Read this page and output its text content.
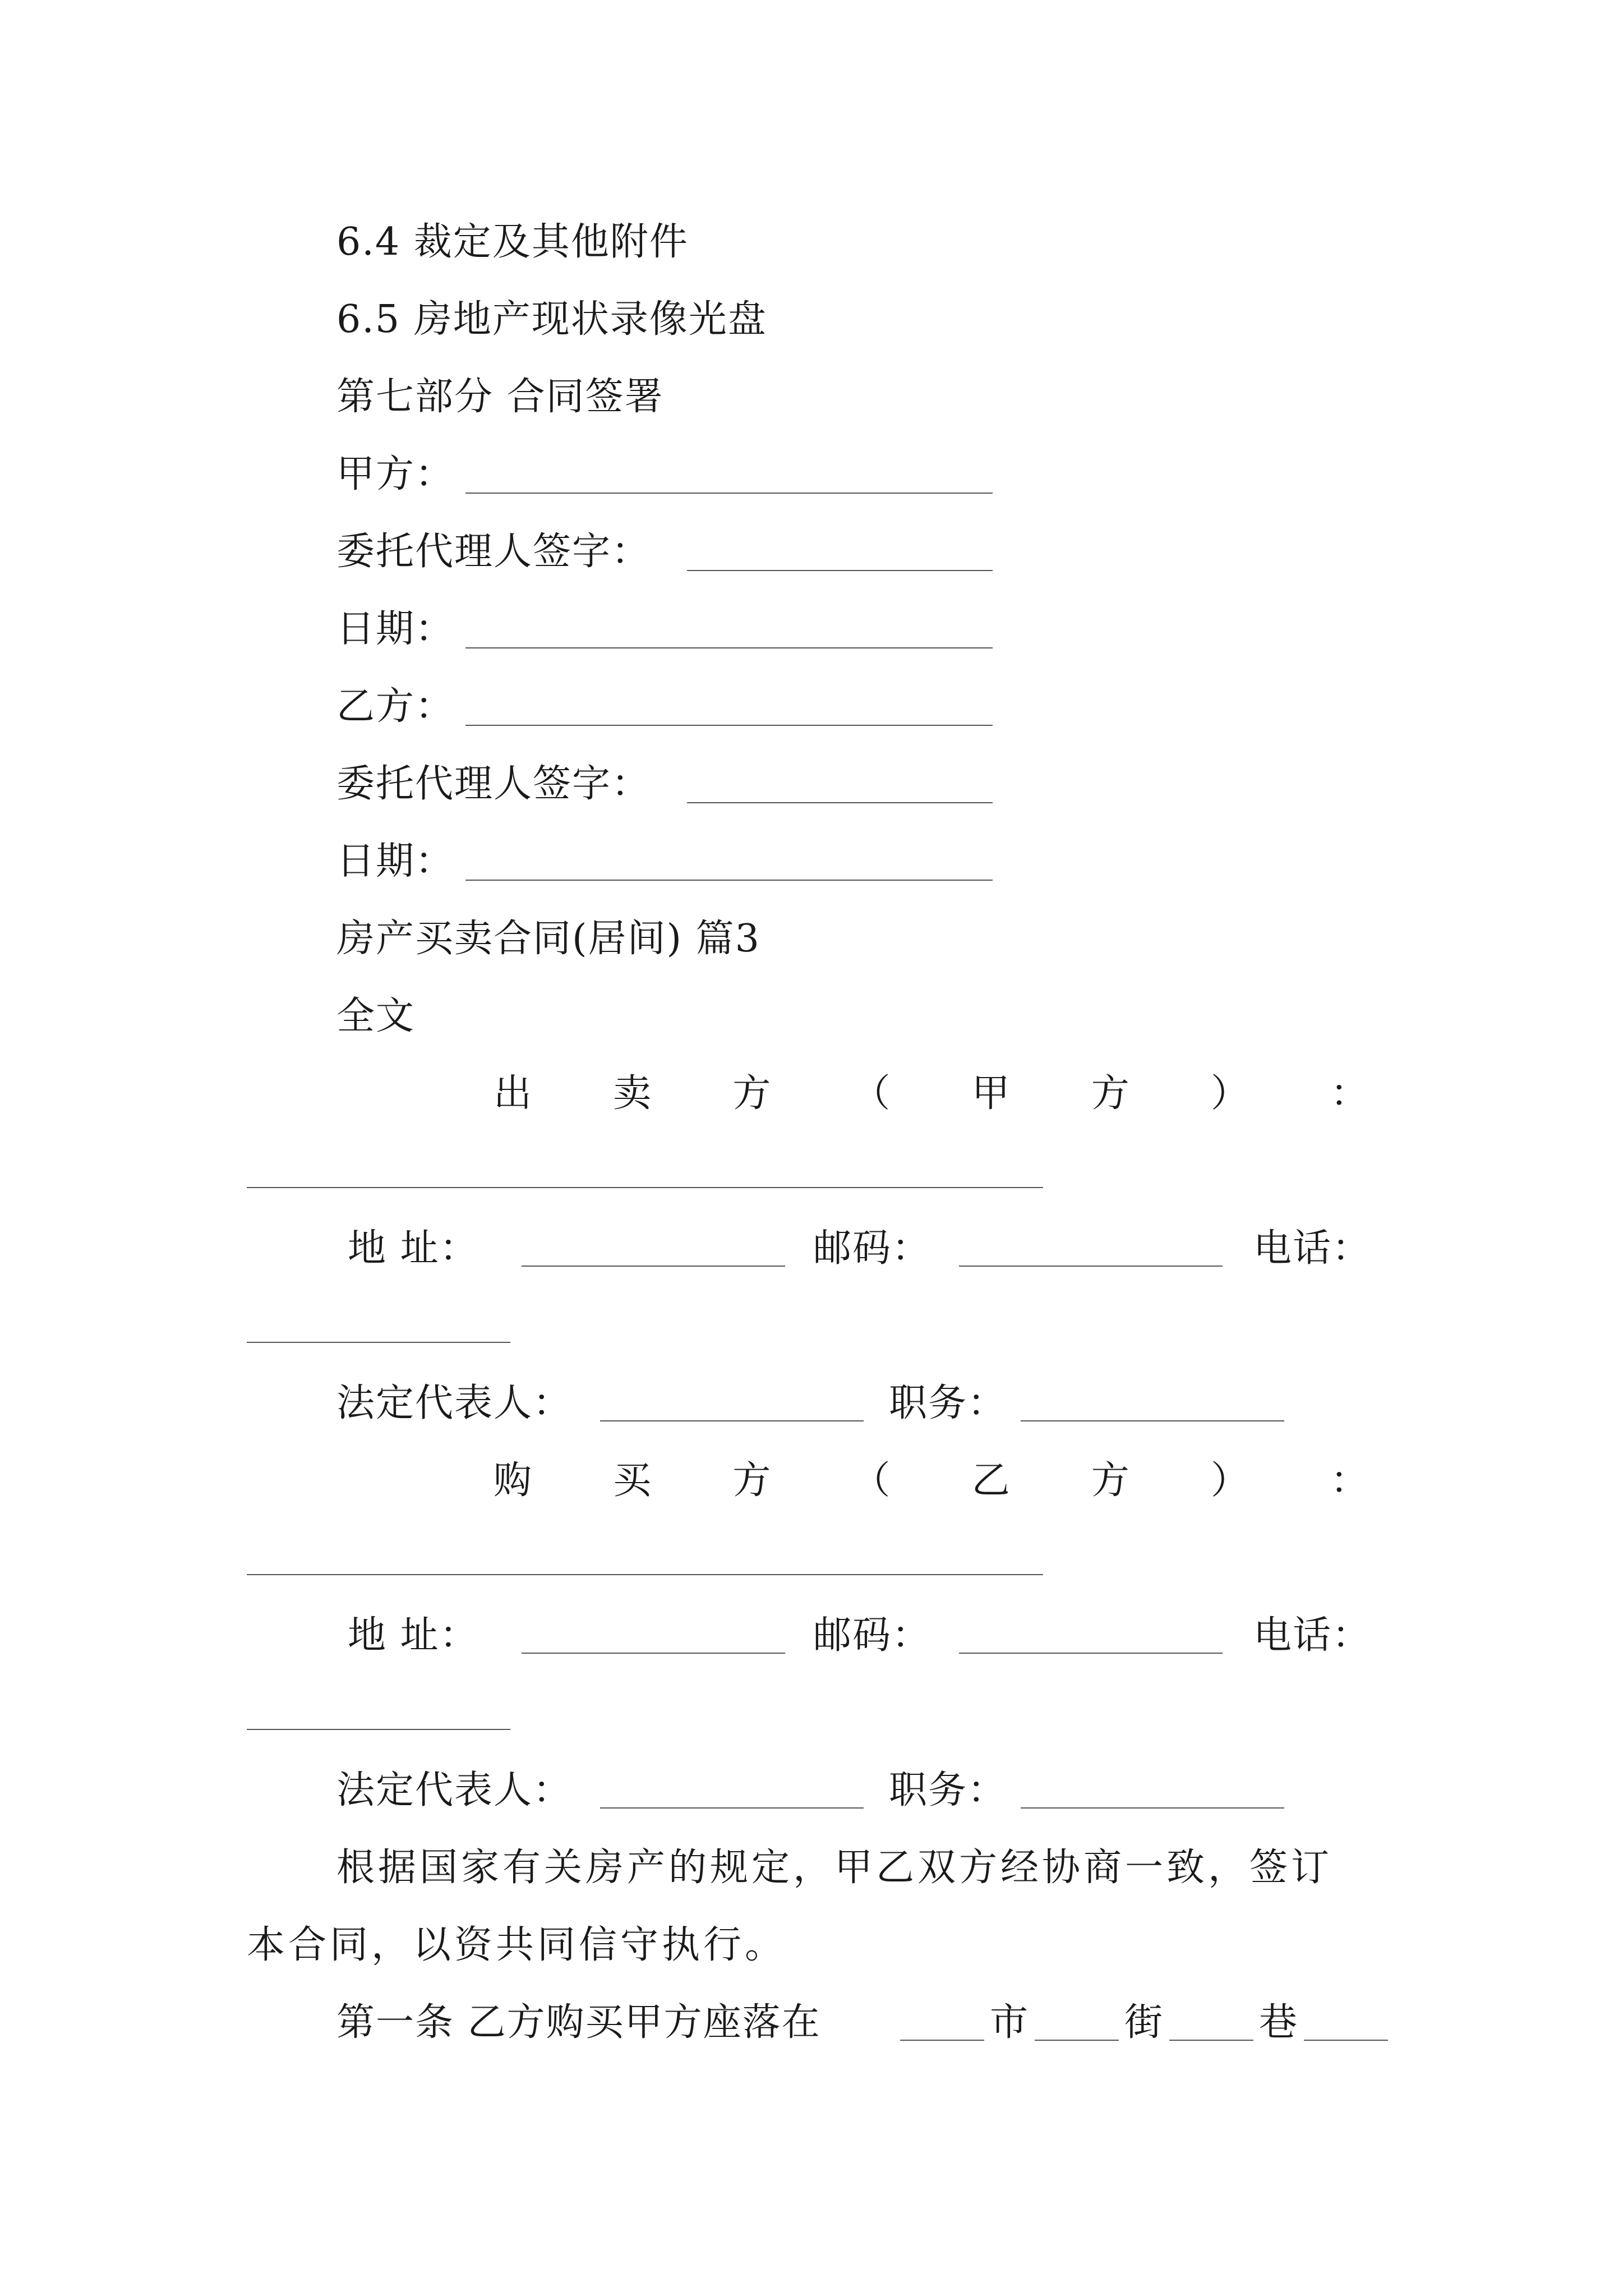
6.4 裁定及其他附件
6.5 房地产现状录像光盘
第七部分 合同签署
甲方：
委托代理人签字：
日期：
乙方：
委托代理人签字：
日期：
房产买卖合同(居间) 篇3
全文
出 卖 方 （ 甲 方 ） ：
地 址：	邮码：	电话：
法定代表人：	职务：
购 买 方 （ 乙 方 ） ：
地 址：	邮码：	电话：
法定代表人：	职务：
根据国家有关房产的规定，甲乙双方经协商一致，签订
本合同，以资共同信守执行。
第一条 乙方购买甲方座落在	市 街 巷
